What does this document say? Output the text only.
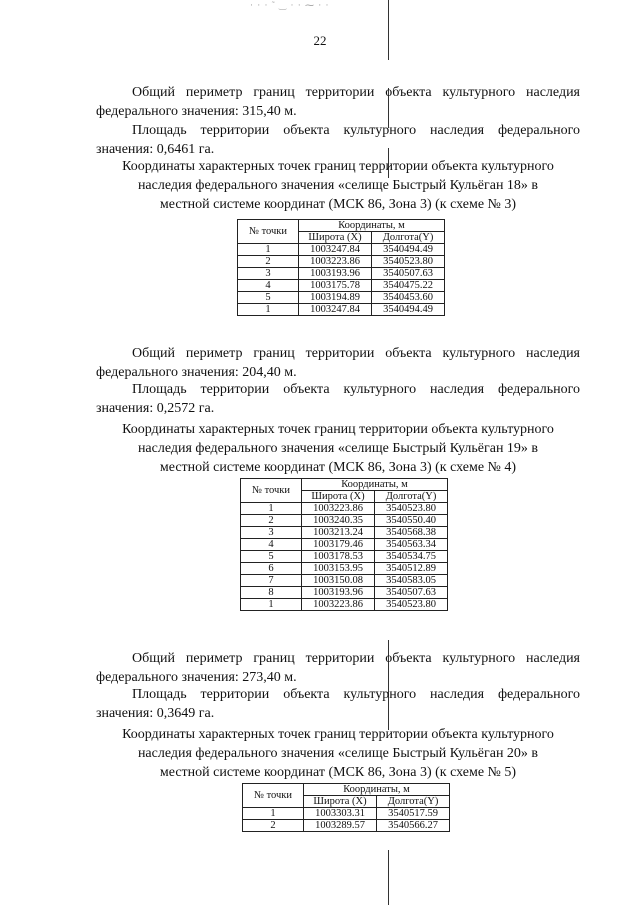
· · · ˜ ‿ · · ⁓ · ·
22
Общий периметр границ территории объекта культурного наследия федерального значения: 315,40 м.
Площадь территории объекта культурного наследия федерального значения: 0,6461 га.
Координаты характерных точек границ территории объекта культурного
наследия федерального значения «селище Быстрый Кульёган 18» в
местной системе координат (МСК 86, Зона 3) (к схеме № 3)
№ точки	Координаты, м	
	Широта (X)	Долгота(Y)
1	1003247.84	3540494.49
2	1003223.86	3540523.80
3	1003193.96	3540507.63
4	1003175.78	3540475.22
5	1003194.89	3540453.60
1	1003247.84	3540494.49
Общий периметр границ территории объекта культурного наследия федерального значения: 204,40 м.
Площадь территории объекта культурного наследия федерального значения: 0,2572 га.
Координаты характерных точек границ территории объекта культурного
наследия федерального значения «селище Быстрый Кульёган 19» в
местной системе координат (МСК 86, Зона 3) (к схеме № 4)
№ точки	Координаты, м	
	Широта (X)	Долгота(Y)
1	1003223.86	3540523.80
2	1003240.35	3540550.40
3	1003213.24	3540568.38
4	1003179.46	3540563.34
5	1003178.53	3540534.75
6	1003153.95	3540512.89
7	1003150.08	3540583.05
8	1003193.96	3540507.63
1	1003223.86	3540523.80
Общий периметр границ территории объекта культурного наследия федерального значения: 273,40 м.
Площадь территории объекта культурного наследия федерального значения: 0,3649 га.
Координаты характерных точек границ территории объекта культурного
наследия федерального значения «селище Быстрый Кульёган 20» в
местной системе координат (МСК 86, Зона 3) (к схеме № 5)
№ точки	Координаты, м	
	Широта (X)	Долгота(Y)
1	1003303.31	3540517.59
2	1003289.57	3540566.27
